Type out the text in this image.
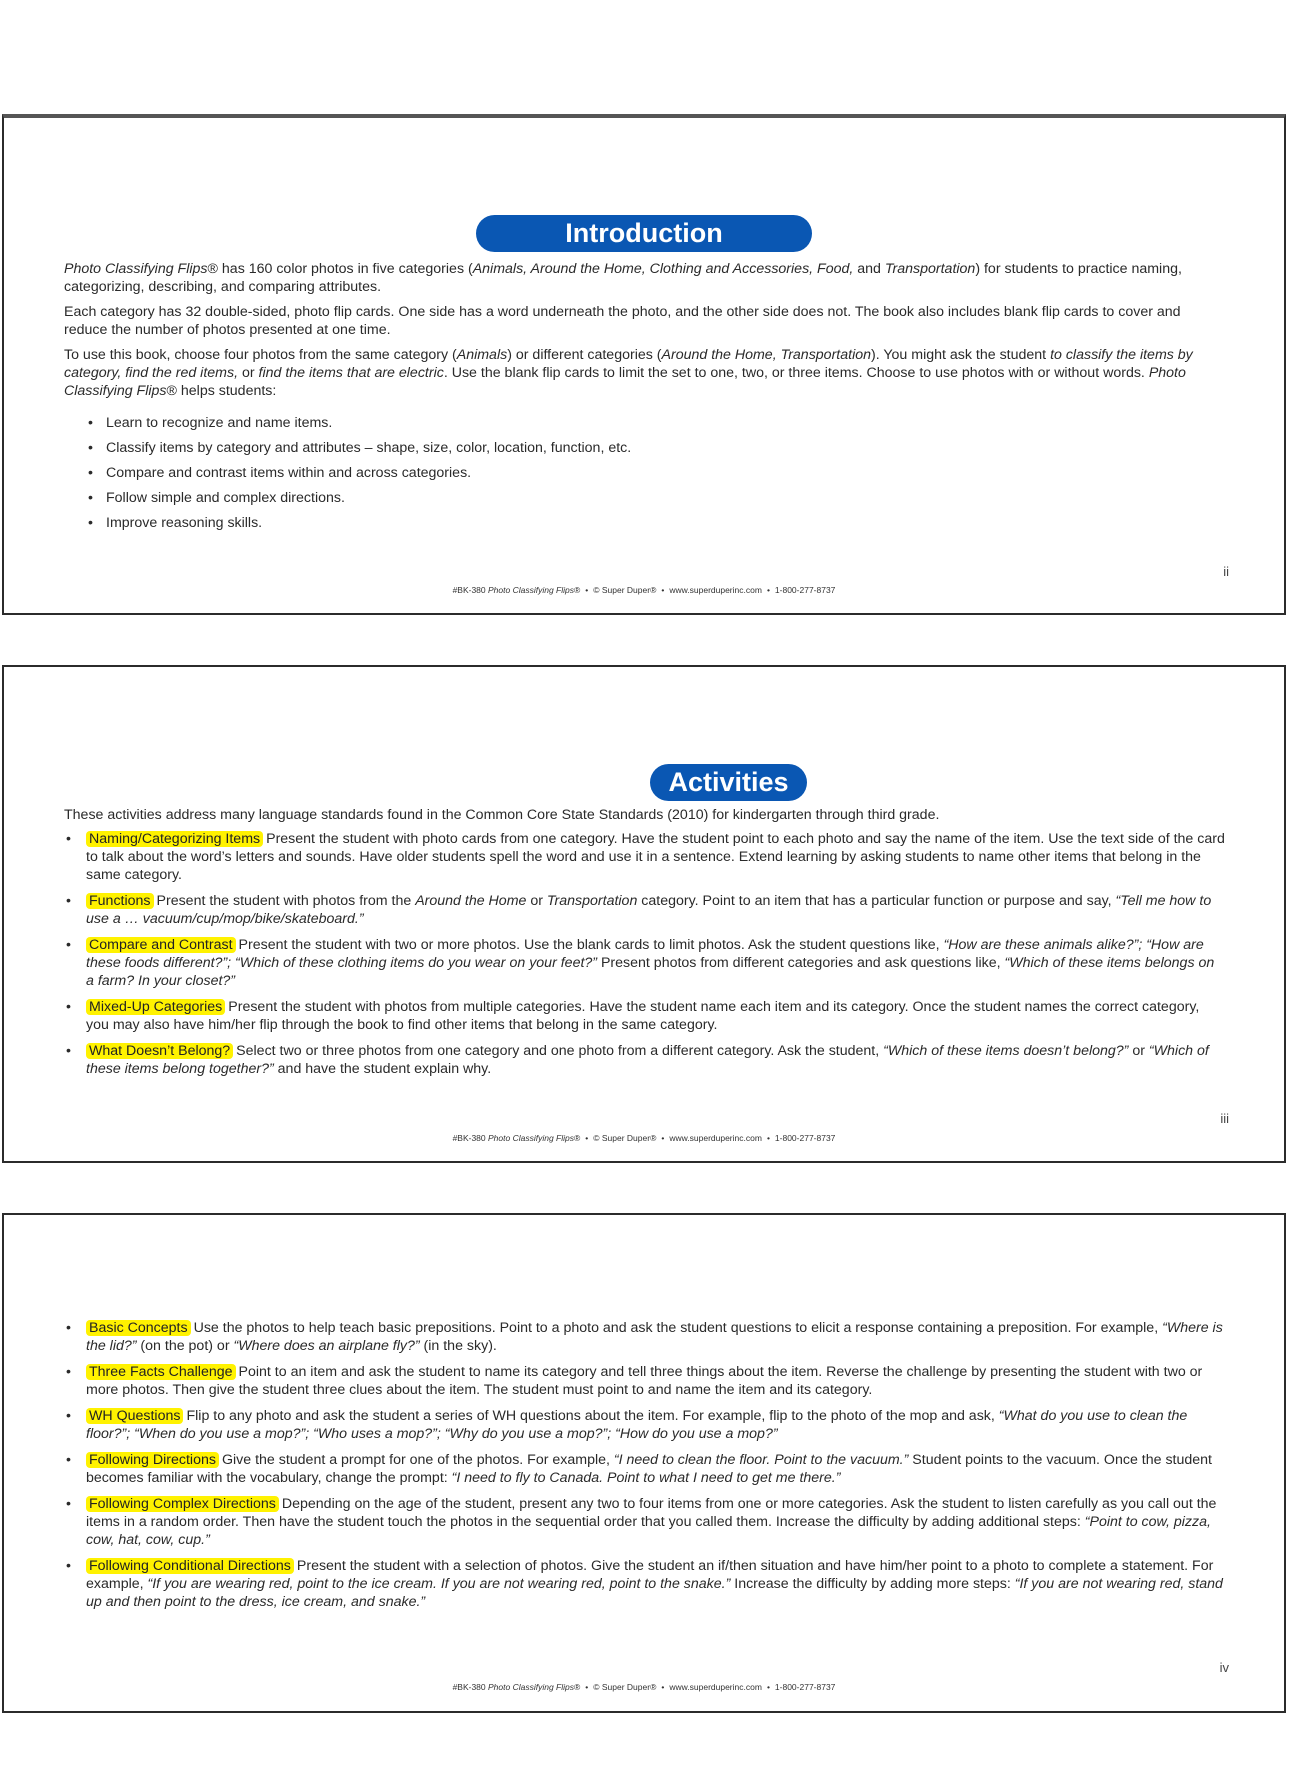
Introduction

Photo Classifying Flips® has 160 color photos in five categories (Animals, Around the Home, Clothing and Accessories, Food, and Transportation) for students to practice naming, categorizing, describing, and comparing attributes.

Each category has 32 double-sided, photo flip cards. One side has a word underneath the photo, and the other side does not. The book also includes blank flip cards to cover and reduce the number of photos presented at one time.

To use this book, choose four photos from the same category (Animals) or different categories (Around the Home, Transportation). You might ask the student to classify the items by category, find the red items, or find the items that are electric. Use the blank flip cards to limit the set to one, two, or three items. Choose to use photos with or without words. Photo Classifying Flips® helps students:

• Learn to recognize and name items.
• Classify items by category and attributes – shape, size, color, location, function, etc.
• Compare and contrast items within and across categories.
• Follow simple and complex directions.
• Improve reasoning skills.
ii
#BK-380 Photo Classifying Flips® • © Super Duper® • www.superduperinc.com • 1-800-277-8737
Activities

These activities address many language standards found in the Common Core State Standards (2010) for kindergarten through third grade.

• Naming/Categorizing Items Present the student with photo cards from one category. Have the student point to each photo and say the name of the item. Use the text side of the card to talk about the word’s letters and sounds. Have older students spell the word and use it in a sentence. Extend learning by asking students to name other items that belong in the same category.
• Functions Present the student with photos from the Around the Home or Transportation category. Point to an item that has a particular function or purpose and say, “Tell me how to use a … vacuum/cup/mop/bike/skateboard.”
• Compare and Contrast Present the student with two or more photos. Use the blank cards to limit photos. Ask the student questions like, “How are these animals alike?”; “How are these foods different?”; “Which of these clothing items do you wear on your feet?” Present photos from different categories and ask questions like, “Which of these items belongs on a farm? In your closet?”
• Mixed-Up Categories Present the student with photos from multiple categories. Have the student name each item and its category. Once the student names the correct category, you may also have him/her flip through the book to find other items that belong in the same category.
• What Doesn’t Belong? Select two or three photos from one category and one photo from a different category. Ask the student, “Which of these items doesn’t belong?” or “Which of these items belong together?” and have the student explain why.
iii
#BK-380 Photo Classifying Flips® • © Super Duper® • www.superduperinc.com • 1-800-277-8737
• Basic Concepts Use the photos to help teach basic prepositions. Point to a photo and ask the student questions to elicit a response containing a preposition. For example, “Where is the lid?” (on the pot) or “Where does an airplane fly?” (in the sky).
• Three Facts Challenge Point to an item and ask the student to name its category and tell three things about the item. Reverse the challenge by presenting the student with two or more photos. Then give the student three clues about the item. The student must point to and name the item and its category.
• WH Questions Flip to any photo and ask the student a series of WH questions about the item. For example, flip to the photo of the mop and ask, “What do you use to clean the floor?”; “When do you use a mop?”; “Who uses a mop?”; “Why do you use a mop?”; “How do you use a mop?”
• Following Directions Give the student a prompt for one of the photos. For example, “I need to clean the floor. Point to the vacuum.” Student points to the vacuum. Once the student becomes familiar with the vocabulary, change the prompt: “I need to fly to Canada. Point to what I need to get me there.”
• Following Complex Directions Depending on the age of the student, present any two to four items from one or more categories. Ask the student to listen carefully as you call out the items in a random order. Then have the student touch the photos in the sequential order that you called them. Increase the difficulty by adding additional steps: “Point to cow, pizza, cow, hat, cow, cup.”
• Following Conditional Directions Present the student with a selection of photos. Give the student an if/then situation and have him/her point to a photo to complete a statement. For example, “If you are wearing red, point to the ice cream. If you are not wearing red, point to the snake.” Increase the difficulty by adding more steps: “If you are not wearing red, stand up and then point to the dress, ice cream, and snake.”
iv
#BK-380 Photo Classifying Flips® • © Super Duper® • www.superduperinc.com • 1-800-277-8737
